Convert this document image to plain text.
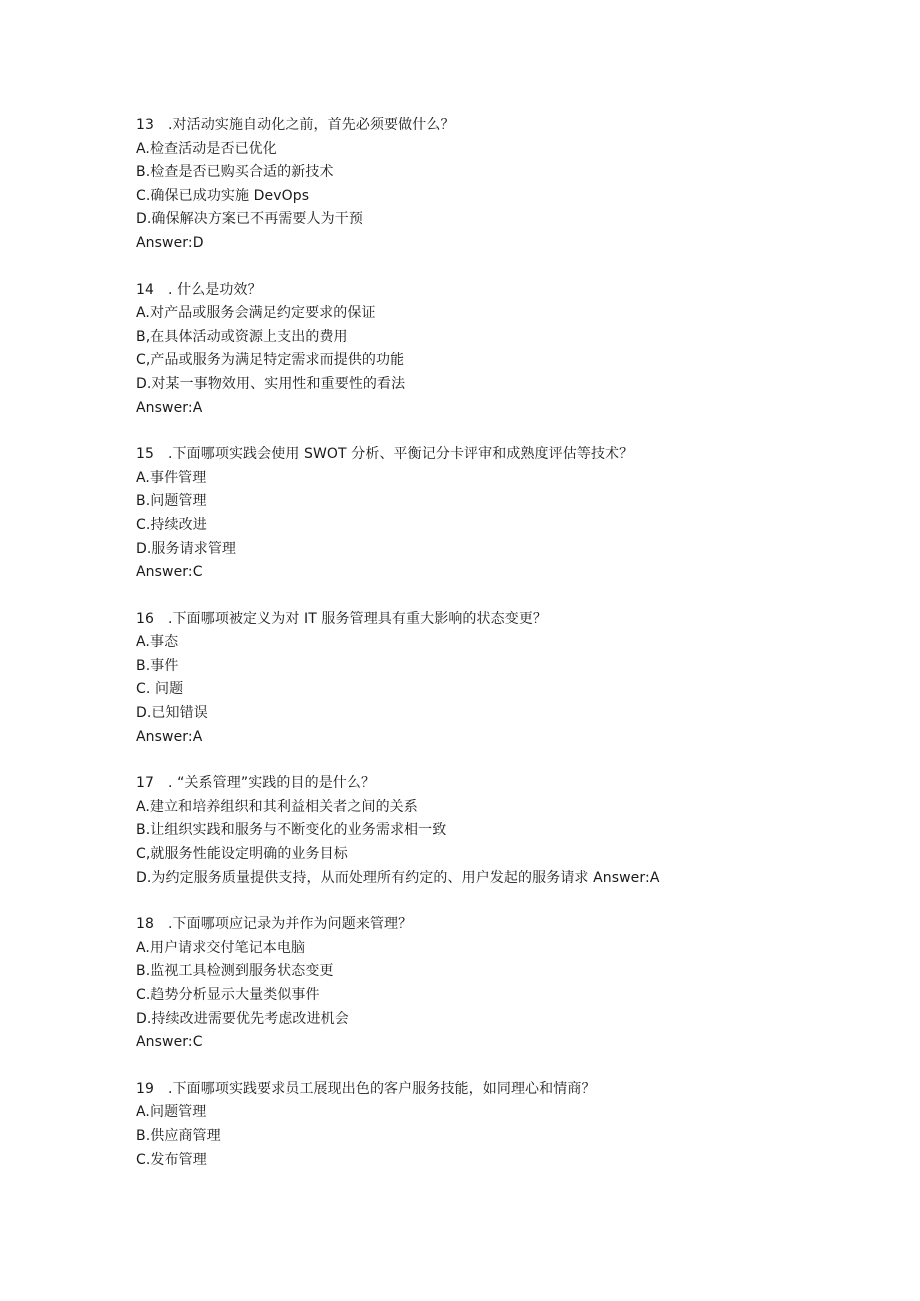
13 .对活动实施自动化之前，首先必须要做什么？
A.检查活动是否已优化
B.检查是否已购买合适的新技术
C.确保已成功实施 DevOps
D.确保解决方案已不再需要人为干预
Answer:D
14 . 什么是功效？
A.对产品或服务会满足约定要求的保证
B,在具体活动或资源上支出的费用
C,产品或服务为满足特定需求而提供的功能
D.对某一事物效用、实用性和重要性的看法
Answer:A
15 .下面哪项实践会使用 SWOT 分析、平衡记分卡评审和成熟度评估等技术？
A.事件管理
B.问题管理
C.持续改进
D.服务请求管理
Answer:C
16 .下面哪项被定义为对 IT 服务管理具有重大影响的状态变更？
A.事态
B.事件
C. 问题
D.已知错误
Answer:A
17 . “关系管理”实践的目的是什么？
A.建立和培养组织和其利益相关者之间的关系
B.让组织实践和服务与不断变化的业务需求相一致
C,就服务性能设定明确的业务目标
D.为约定服务质量提供支持，从而处理所有约定的、用户发起的服务请求 Answer:A
18 .下面哪项应记录为并作为问题来管理？
A.用户请求交付笔记本电脑
B.监视工具检测到服务状态变更
C.趋势分析显示大量类似事件
D.持续改进需要优先考虑改进机会
Answer:C
19 .下面哪项实践要求员工展现出色的客户服务技能，如同理心和情商？
A.问题管理
B.供应商管理
C.发布管理
